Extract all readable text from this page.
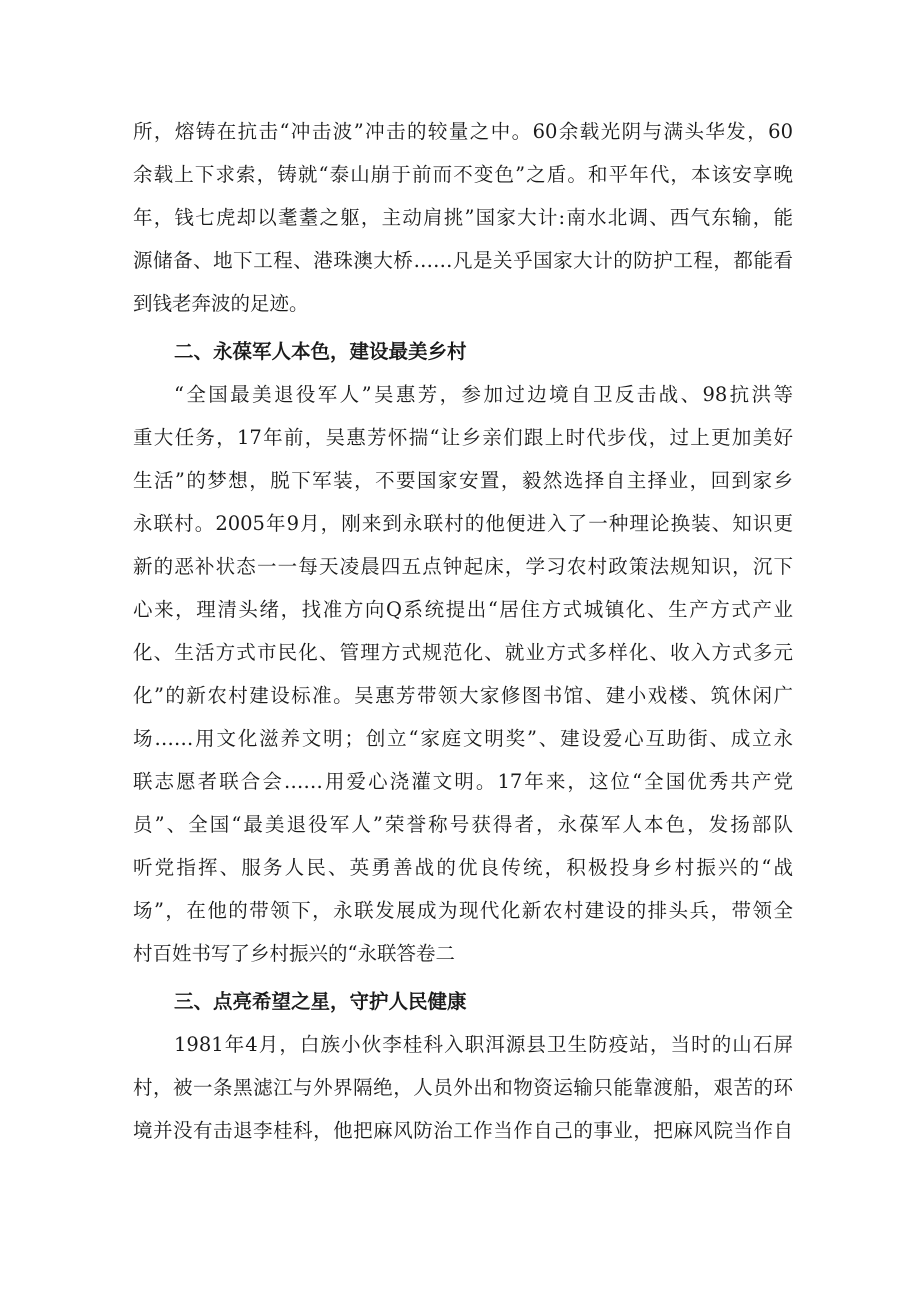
所，熔铸在抗击“冲击波”冲击的较量之中。60余载光阴与满头华发，60
余载上下求索，铸就“泰山崩于前而不变色”之盾。和平年代，本该安享晚
年，钱七虎却以耄耋之躯，主动肩挑”国家大计:南水北调、西气东输，能
源储备、地下工程、港珠澳大桥……凡是关乎国家大计的防护工程，都能看
到钱老奔波的足迹。
二、永葆军人本色，建设最美乡村
“全国最美退役军人”吴惠芳，参加过边境自卫反击战、98抗洪等
重大任务，17年前，吴惠芳怀揣“让乡亲们跟上时代步伐，过上更加美好
生活”的梦想，脱下军装，不要国家安置，毅然选择自主择业，回到家乡
永联村。2005年9月，刚来到永联村的他便进入了一种理论换装、知识更
新的恶补状态一一每天凌晨四五点钟起床，学习农村政策法规知识，沉下
心来，理清头绪，找准方向Q系统提出“居住方式城镇化、生产方式产业
化、生活方式市民化、管理方式规范化、就业方式多样化、收入方式多元
化”的新农村建设标准。吴惠芳带领大家修图书馆、建小戏楼、筑休闲广
场……用文化滋养文明；创立“家庭文明奖”、建设爱心互助街、成立永
联志愿者联合会……用爱心浇灌文明。17年来，这位“全国优秀共产党
员”、全国“最美退役军人”荣誉称号获得者，永葆军人本色，发扬部队
听党指挥、服务人民、英勇善战的优良传统，积极投身乡村振兴的“战
场”，在他的带领下，永联发展成为现代化新农村建设的排头兵，带领全
村百姓书写了乡村振兴的“永联答卷二
三、点亮希望之星，守护人民健康
1981年4月，白族小伙李桂科入职洱源县卫生防疫站，当时的山石屏
村，被一条黑滤江与外界隔绝，人员外出和物资运输只能靠渡船，艰苦的环
境并没有击退李桂科，他把麻风防治工作当作自己的事业，把麻风院当作自
